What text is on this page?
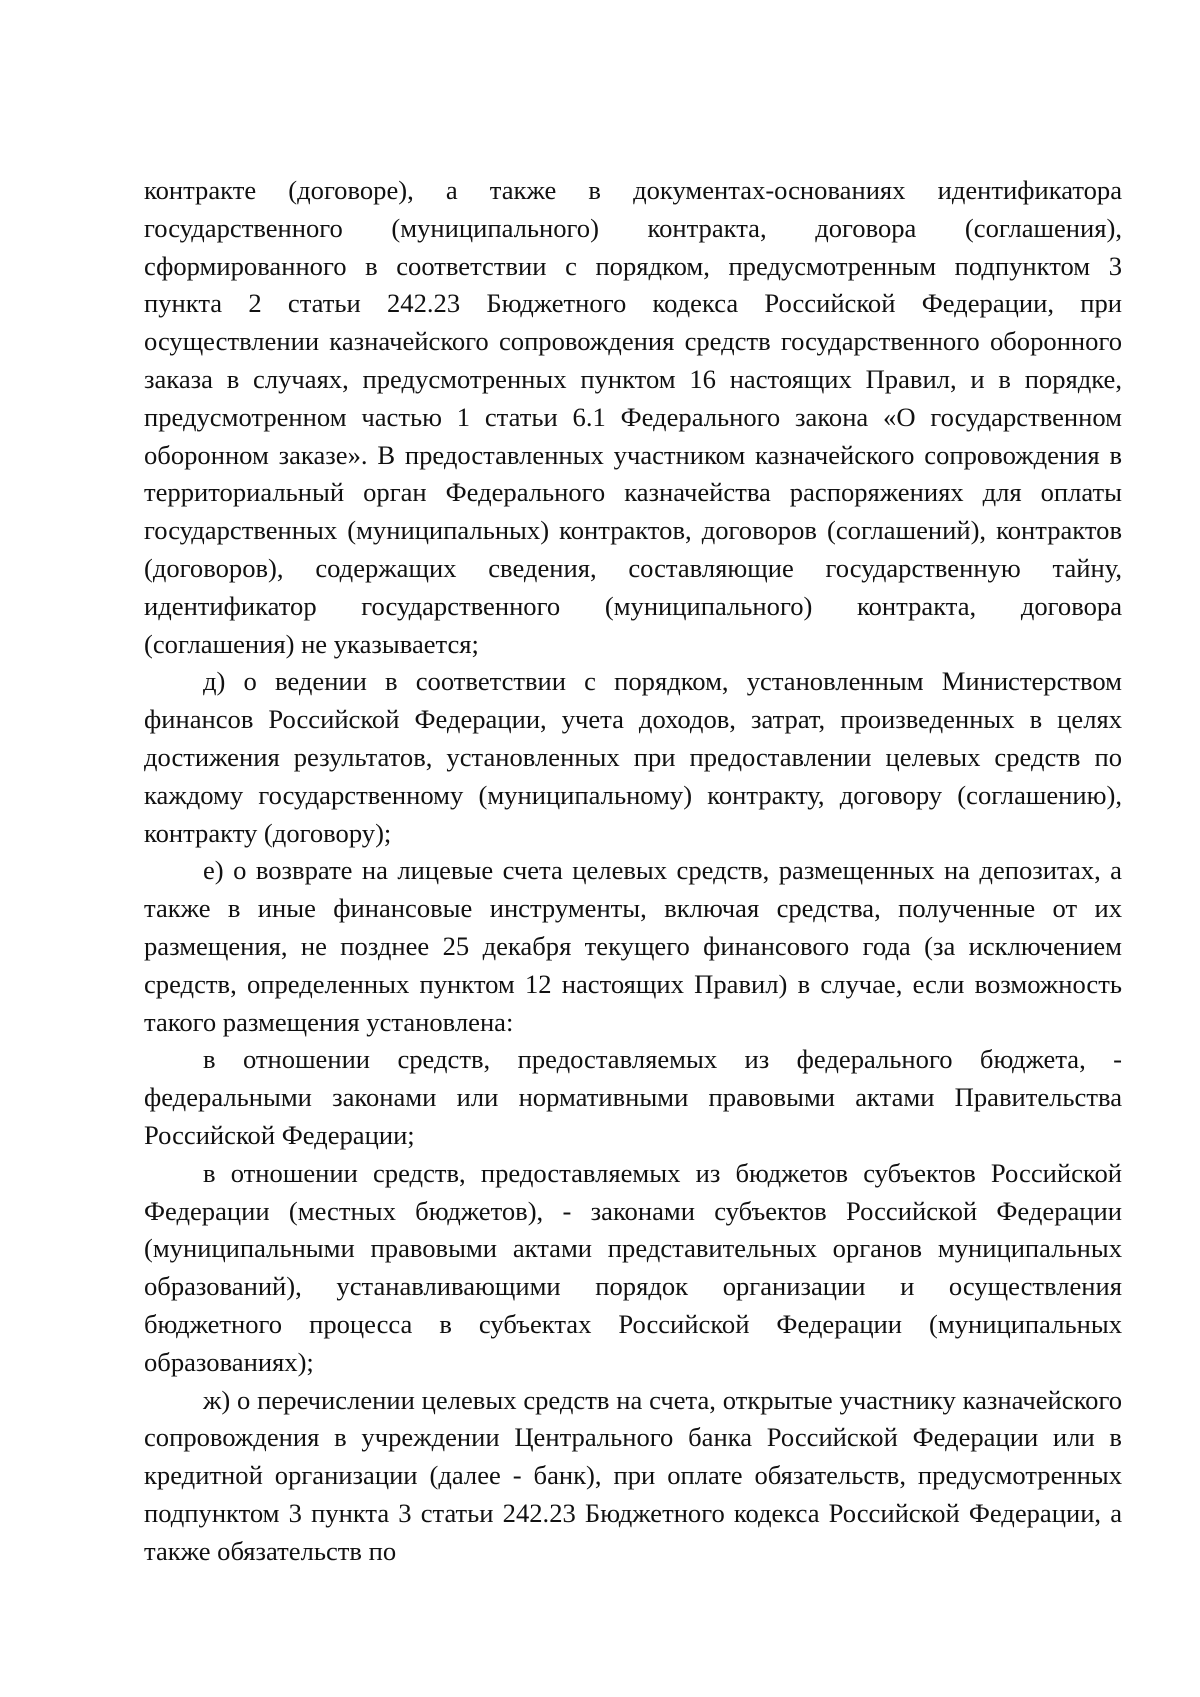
контракте (договоре), а также в документах-основаниях идентификатора государственного (муниципального) контракта, договора (соглашения), сформированного в соответствии с порядком, предусмотренным подпунктом 3 пункта 2 статьи 242.23 Бюджетного кодекса Российской Федерации, при осуществлении казначейского сопровождения средств государственного оборонного заказа в случаях, предусмотренных пунктом 16 настоящих Правил, и в порядке, предусмотренном частью 1 статьи 6.1 Федерального закона «О государственном оборонном заказе». В предоставленных участником казначейского сопровождения в территориальный орган Федерального казначейства распоряжениях для оплаты государственных (муниципальных) контрактов, договоров (соглашений), контрактов (договоров), содержащих сведения, составляющие государственную тайну, идентификатор государственного (муниципального) контракта, договора (соглашения) не указывается;

д) о ведении в соответствии с порядком, установленным Министерством финансов Российской Федерации, учета доходов, затрат, произведенных в целях достижения результатов, установленных при предоставлении целевых средств по каждому государственному (муниципальному) контракту, договору (соглашению), контракту (договору);

е) о возврате на лицевые счета целевых средств, размещенных на депозитах, а также в иные финансовые инструменты, включая средства, полученные от их размещения, не позднее 25 декабря текущего финансового года (за исключением средств, определенных пунктом 12 настоящих Правил) в случае, если возможность такого размещения установлена:

в отношении средств, предоставляемых из федерального бюджета, - федеральными законами или нормативными правовыми актами Правительства Российской Федерации;

в отношении средств, предоставляемых из бюджетов субъектов Российской Федерации (местных бюджетов), - законами субъектов Российской Федерации (муниципальными правовыми актами представительных органов муниципальных образований), устанавливающими порядок организации и осуществления бюджетного процесса в субъектах Российской Федерации (муниципальных образованиях);

ж) о перечислении целевых средств на счета, открытые участнику казначейского сопровождения в учреждении Центрального банка Российской Федерации или в кредитной организации (далее - банк), при оплате обязательств, предусмотренных подпунктом 3 пункта 3 статьи 242.23 Бюджетного кодекса Российской Федерации, а также обязательств по
